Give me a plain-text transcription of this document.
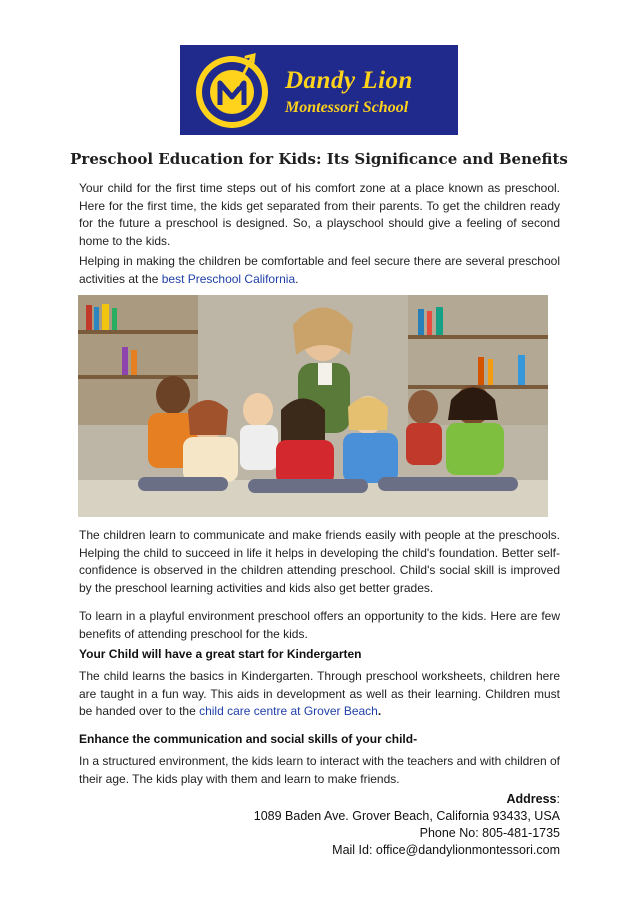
Dandy Lion
Montessori School
Preschool Education for Kids: Its Significance and Benefits

Your child for the first time steps out of his comfort zone at a place known as preschool. Here for the first time, the kids get separated from their parents. To get the children ready for the future a preschool is designed. So, a playschool should give a feeling of second home to the kids.

Helping in making the children be comfortable and feel secure there are several preschool activities at the best Preschool California.

The children learn to communicate and make friends easily with people at the preschools. Helping the child to succeed in life it helps in developing the child's foundation. Better self-confidence is observed in the children attending preschool. Child's social skill is improved by the preschool learning activities and kids also get better grades.

To learn in a playful environment preschool offers an opportunity to the kids. Here are few benefits of attending preschool for the kids.

Your Child will have a great start for Kindergarten

The child learns the basics in Kindergarten. Through preschool worksheets, children here are taught in a fun way. This aids in development as well as their learning. Children must be handed over to the child care centre at Grover Beach.

Enhance the communication and social skills of your child-

In a structured environment, the kids learn to interact with the teachers and with children of their age. The kids play with them and learn to make friends.

Address:
1089 Baden Ave. Grover Beach, California 93433, USA
Phone No: 805-481-1735
Mail Id: office@dandylionmontessori.com
